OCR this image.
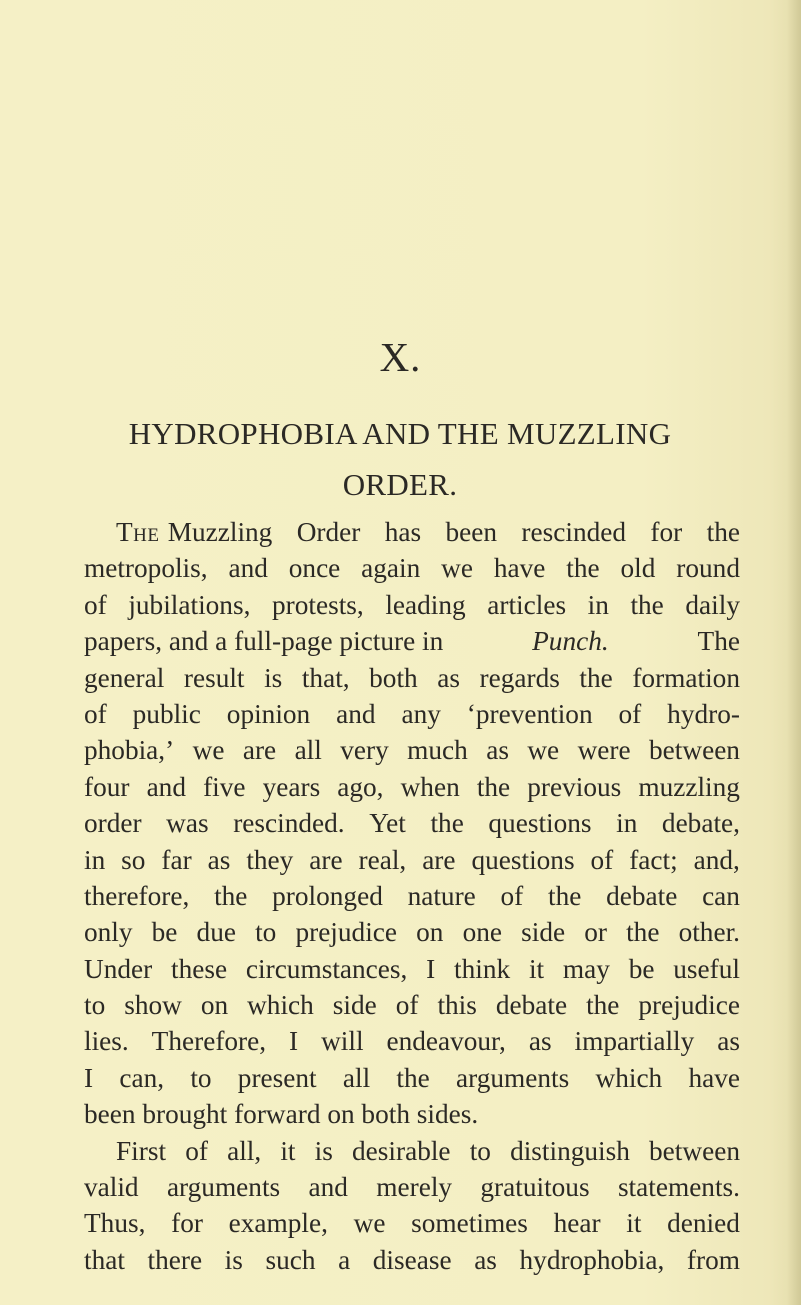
X.
HYDROPHOBIA AND THE MUZZLING ORDER.
The Muzzling Order has been rescinded for the
metropolis, and once again we have the old round
of jubilations, protests, leading articles in the daily
papers, and a full-page picture in	Punch.	The
general result is that, both as regards the formation
of public opinion and any ‘prevention of hydro-
phobia,’ we are all very much as we were between
four and five years ago, when the previous muzzling
order was rescinded. Yet the questions in debate,
in so far as they are real, are questions of fact; and,
therefore, the prolonged nature of the debate can
only be due to prejudice on one side or the other.
Under these circumstances, I think it may be useful
to show on which side of this debate the prejudice
lies. Therefore, I will endeavour, as impartially as
I can, to present all the arguments which have
been brought forward on both sides.
First of all, it is desirable to distinguish between
valid arguments and merely gratuitous statements.
Thus, for example, we sometimes hear it denied
that there is such a disease as hydrophobia, from
